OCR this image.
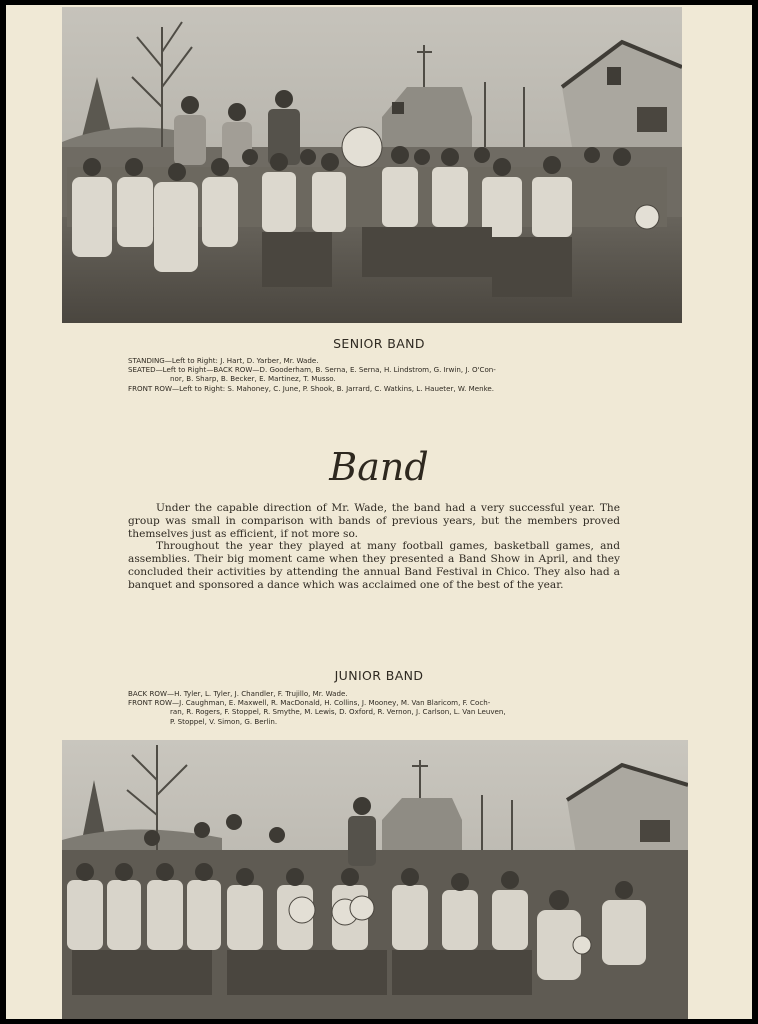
SENIOR BAND

STANDING—Left to Right: J. Hart, D. Yarber, Mr. Wade.

SEATED—Left to Right—BACK ROW—D. Gooderham, B. Serna, E. Serna, H. Lindstrom, G. Irwin, J. O'Con-

nor, B. Sharp, B. Becker, E. Martinez, T. Musso.

FRONT ROW—Left to Right: S. Mahoney, C. June, P. Shook, B. Jarrard, C. Watkins, L. Haueter, W. Menke.

Band

Under the capable direction of Mr. Wade, the band had a very successful year. The group was small in comparison with bands of previous years, but the members proved themselves just as efficient, if not more so.

Throughout the year they played at many football games, basketball games, and assemblies. Their big moment came when they presented a Band Show in April, and they concluded their activities by attending the annual Band Festival in Chico. They also had a banquet and sponsored a dance which was acclaimed one of the best of the year.

JUNIOR BAND

BACK ROW—H. Tyler, L. Tyler, J. Chandler, F. Trujillo, Mr. Wade.

FRONT ROW—J. Caughman, E. Maxwell, R. MacDonald, H. Collins, J. Mooney, M. Van Blaricom, F. Coch-

ran, R. Rogers, F. Stoppel, R. Smythe, M. Lewis, D. Oxford, R. Vernon, J. Carlson, L. Van Leuven,

P. Stoppel, V. Simon, G. Berlin.
